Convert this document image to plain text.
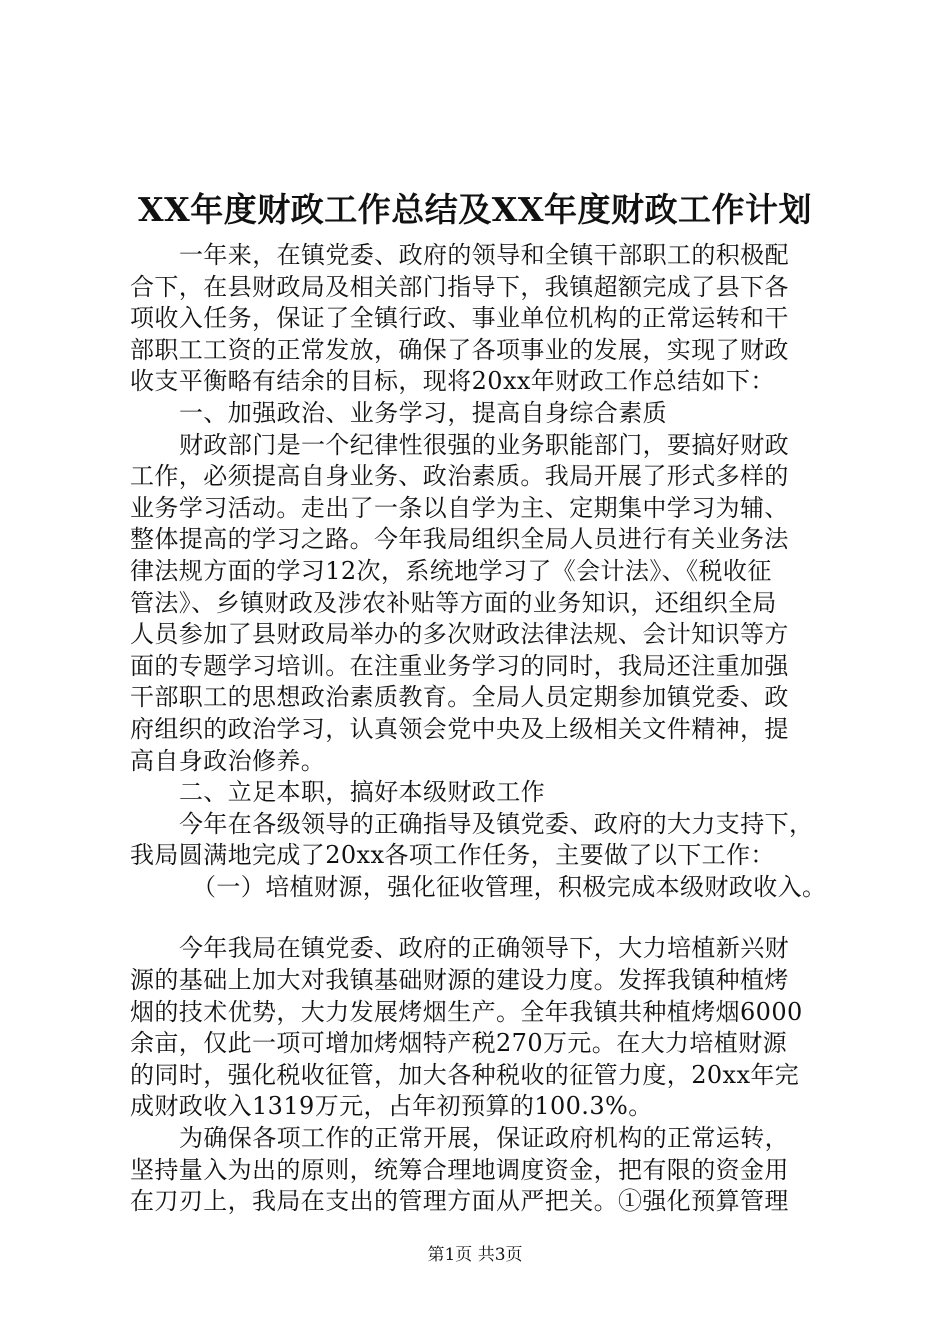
XX年度财政工作总结及XX年度财政工作计划
一年来，在镇党委、政府的领导和全镇干部职工的积极配
合下，在县财政局及相关部门指导下，我镇超额完成了县下各
项收入任务，保证了全镇行政、事业单位机构的正常运转和干
部职工工资的正常发放，确保了各项事业的发展，实现了财政
收支平衡略有结余的目标，现将20xx年财政工作总结如下：
一、加强政治、业务学习，提高自身综合素质
财政部门是一个纪律性很强的业务职能部门，要搞好财政
工作，必须提高自身业务、政治素质。我局开展了形式多样的
业务学习活动。走出了一条以自学为主、定期集中学习为辅、
整体提高的学习之路。今年我局组织全局人员进行有关业务法
律法规方面的学习12次，系统地学习了《会计法》、《税收征
管法》、乡镇财政及涉农补贴等方面的业务知识，还组织全局
人员参加了县财政局举办的多次财政法律法规、会计知识等方
面的专题学习培训。在注重业务学习的同时，我局还注重加强
干部职工的思想政治素质教育。全局人员定期参加镇党委、政
府组织的政治学习，认真领会党中央及上级相关文件精神，提
高自身政治修养。
二、立足本职，搞好本级财政工作
今年在各级领导的正确指导及镇党委、政府的大力支持下，
我局圆满地完成了20xx各项工作任务，主要做了以下工作：
（一）培植财源，强化征收管理，积极完成本级财政收入。
今年我局在镇党委、政府的正确领导下，大力培植新兴财
源的基础上加大对我镇基础财源的建设力度。发挥我镇种植烤
烟的技术优势，大力发展烤烟生产。全年我镇共种植烤烟6000
余亩，仅此一项可增加烤烟特产税270万元。在大力培植财源
的同时，强化税收征管，加大各种税收的征管力度，20xx年完
成财政收入1319万元，占年初预算的100.3%。
为确保各项工作的正常开展，保证政府机构的正常运转，
坚持量入为出的原则，统筹合理地调度资金，把有限的资金用
在刀刃上，我局在支出的管理方面从严把关。①强化预算管理
第1页 共3页
